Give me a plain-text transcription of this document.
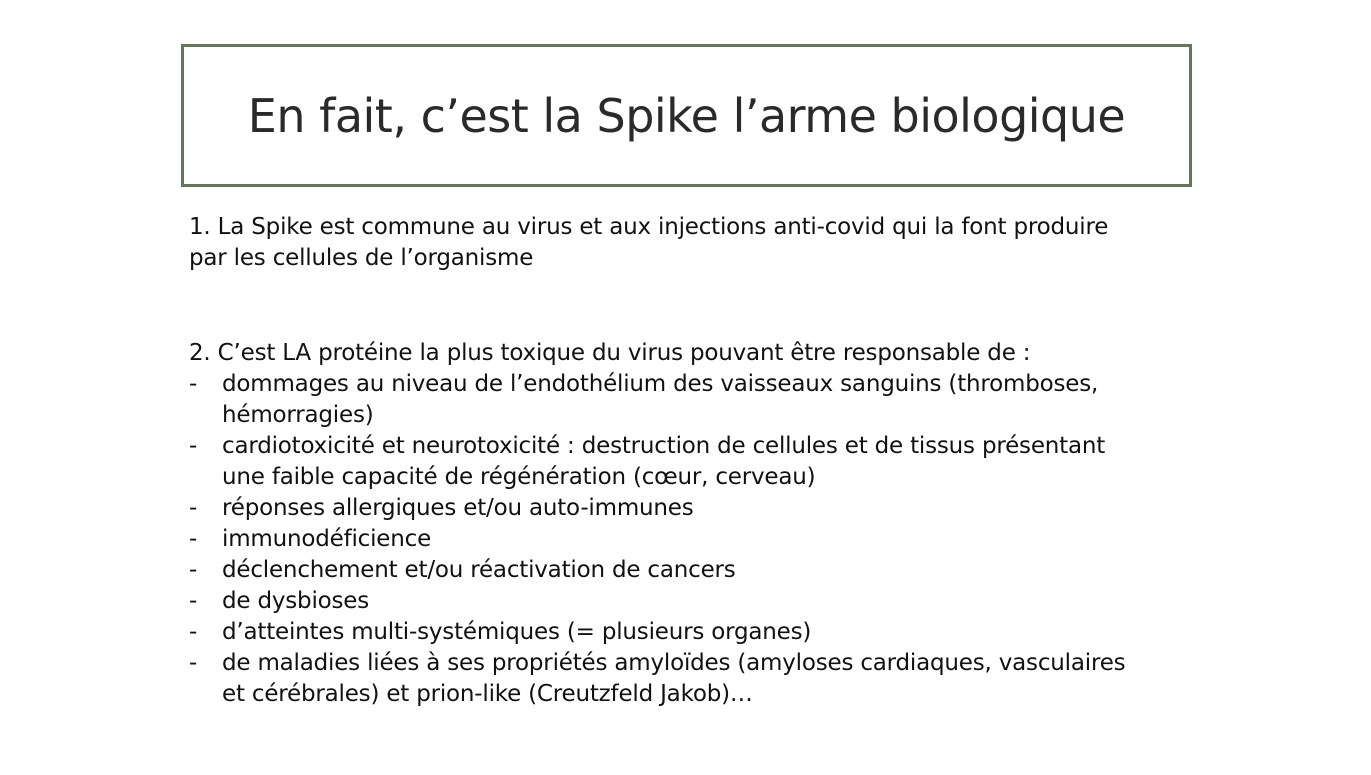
En fait, c’est la Spike l’arme biologique

1. La Spike est commune au virus et aux injections anti-covid qui la font produire par les cellules de l’organisme

2. C’est LA protéine la plus toxique du virus pouvant être responsable de :

- dommages au niveau de l’endothélium des vaisseaux sanguins (thromboses, hémorragies)
- cardiotoxicité et neurotoxicité : destruction de cellules et de tissus présentant une faible capacité de régénération (cœur, cerveau)
- réponses allergiques et/ou auto-immunes
- immunodéficience
- déclenchement et/ou réactivation de cancers
- de dysbioses
- d’atteintes multi-systémiques (= plusieurs organes)
- de maladies liées à ses propriétés amyloïdes (amyloses cardiaques, vasculaires et cérébrales) et prion-like (Creutzfeld Jakob)…
